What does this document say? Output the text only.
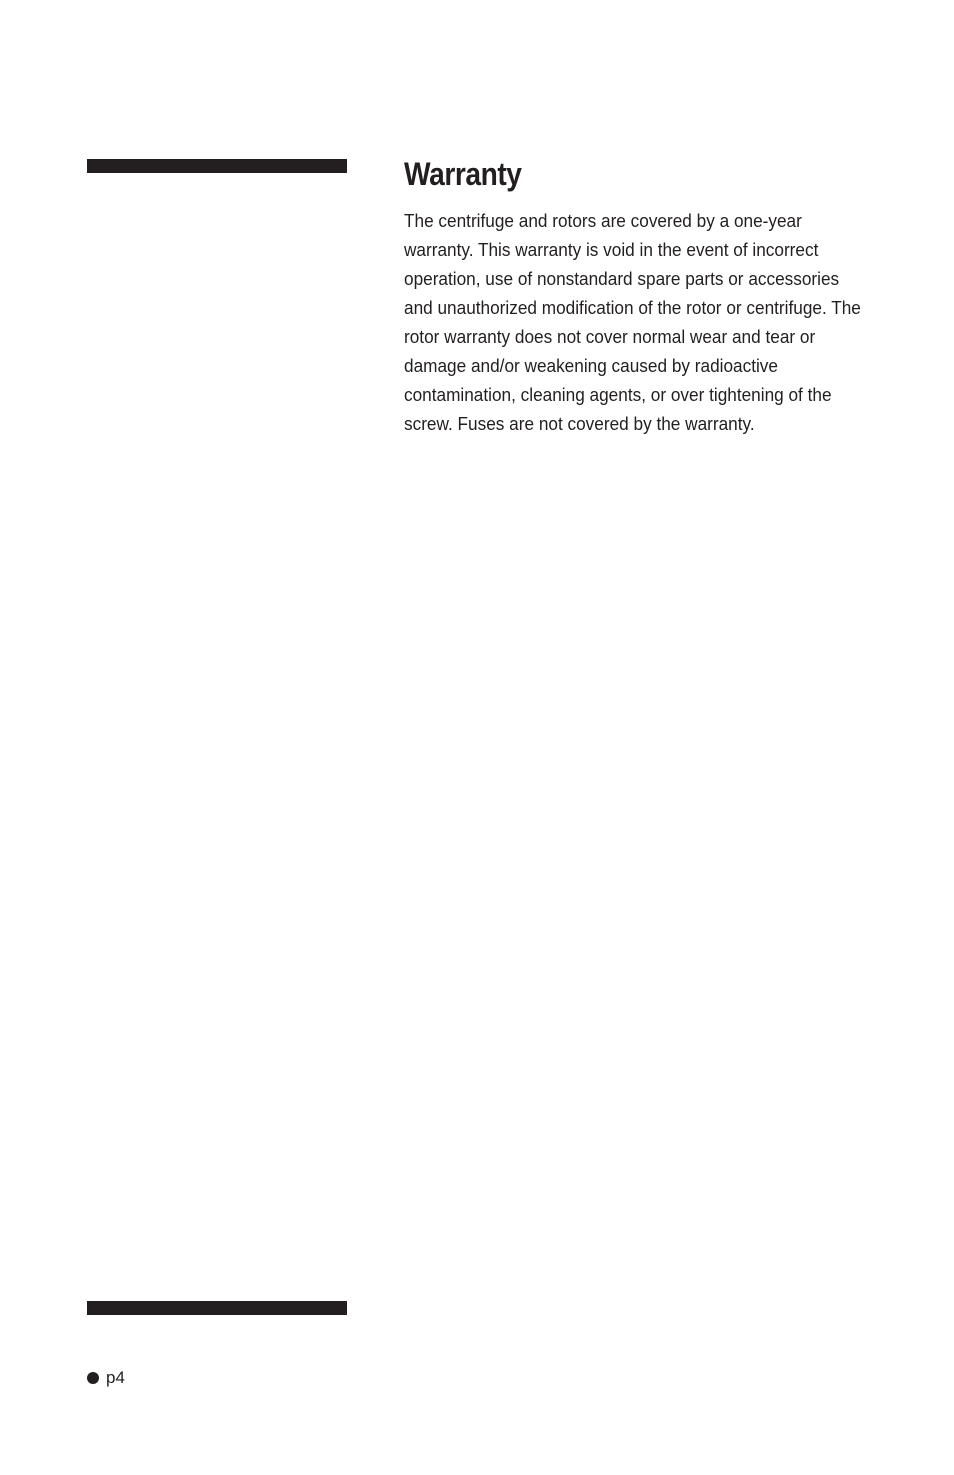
Warranty

The centrifuge and rotors are covered by a one-year warranty. This warranty is void in the event of incorrect operation, use of nonstandard spare parts or accessories and unauthorized modification of the rotor or centrifuge. The rotor warranty does not cover normal wear and tear or damage and/or weakening caused by radioactive contamination, cleaning agents, or over tightening of the screw. Fuses are not covered by the warranty.

p4
